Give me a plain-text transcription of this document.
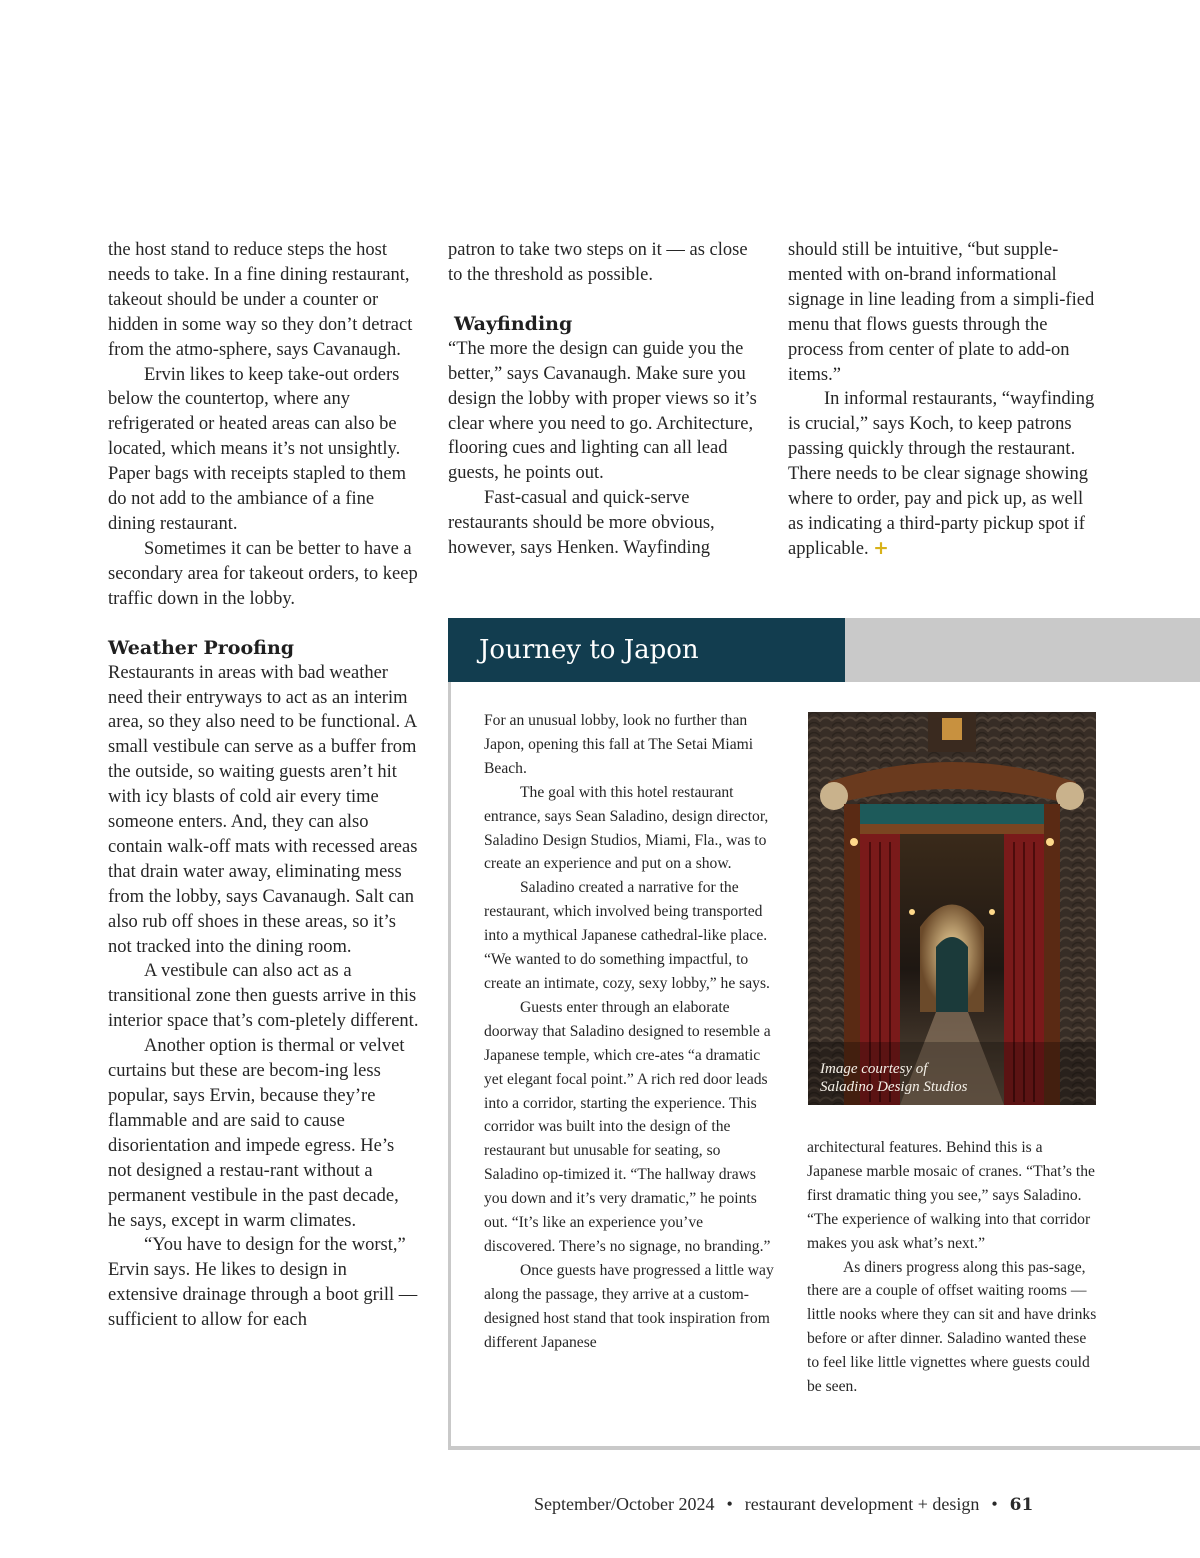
the host stand to reduce steps the host needs to take. In a fine dining restaurant, takeout should be under a counter or hidden in some way so they don’t detract from the atmo-sphere, says Cavanaugh.

Ervin likes to keep take-out orders below the countertop, where any refrigerated or heated areas can also be located, which means it’s not unsightly. Paper bags with receipts stapled to them do not add to the ambiance of a fine dining restaurant.

Sometimes it can be better to have a secondary area for takeout orders, to keep traffic down in the lobby.

Weather Proofing

Restaurants in areas with bad weather need their entryways to act as an interim area, so they also need to be functional. A small vestibule can serve as a buffer from the outside, so waiting guests aren’t hit with icy blasts of cold air every time someone enters. And, they can also contain walk-off mats with recessed areas that drain water away, eliminating mess from the lobby, says Cavanaugh. Salt can also rub off shoes in these areas, so it’s not tracked into the dining room.

A vestibule can also act as a transitional zone then guests arrive in this interior space that’s com-pletely different.

Another option is thermal or velvet curtains but these are becom-ing less popular, says Ervin, because they’re flammable and are said to cause disorientation and impede egress. He’s not designed a restau-rant without a permanent vestibule in the past decade, he says, except in warm climates.

“You have to design for the worst,” Ervin says. He likes to design in extensive drainage through a boot grill — sufficient to allow for each

patron to take two steps on it — as close to the threshold as possible.

Wayfinding

“The more the design can guide you the better,” says Cavanaugh. Make sure you design the lobby with proper views so it’s clear where you need to go. Architecture, flooring cues and lighting can all lead guests, he points out.

Fast-casual and quick-serve restaurants should be more obvious, however, says Henken. Wayfinding

should still be intuitive, “but supple-mented with on-brand informational signage in line leading from a simpli-fied menu that flows guests through the process from center of plate to add-on items.”

In informal restaurants, “wayfinding is crucial,” says Koch, to keep patrons passing quickly through the restaurant. There needs to be clear signage showing where to order, pay and pick up, as well as indicating a third-party pickup spot if applicable. +

Journey to Japon

For an unusual lobby, look no further than Japon, opening this fall at The Setai Miami Beach.

The goal with this hotel restaurant entrance, says Sean Saladino, design director, Saladino Design Studios, Miami, Fla., was to create an experience and put on a show.

Saladino created a narrative for the restaurant, which involved being transported into a mythical Japanese cathedral-like place. “We wanted to do something impactful, to create an intimate, cozy, sexy lobby,” he says.

Guests enter through an elaborate doorway that Saladino designed to resemble a Japanese temple, which cre-ates “a dramatic yet elegant focal point.” A rich red door leads into a corridor, starting the experience. This corridor was built into the design of the restaurant but unusable for seating, so Saladino op-timized it. “The hallway draws you down and it’s very dramatic,” he points out. “It’s like an experience you’ve discovered. There’s no signage, no branding.”

Once guests have progressed a little way along the passage, they arrive at a custom-designed host stand that took inspiration from different Japanese

Image courtesy of
Saladino Design Studios

architectural features. Behind this is a Japanese marble mosaic of cranes. “That’s the first dramatic thing you see,” says Saladino. “The experience of walking into that corridor makes you ask what’s next.”

As diners progress along this pas-sage, there are a couple of offset waiting rooms — little nooks where they can sit and have drinks before or after dinner. Saladino wanted these to feel like little vignettes where guests could be seen.

September/October 2024 • restaurant development + design • 61
